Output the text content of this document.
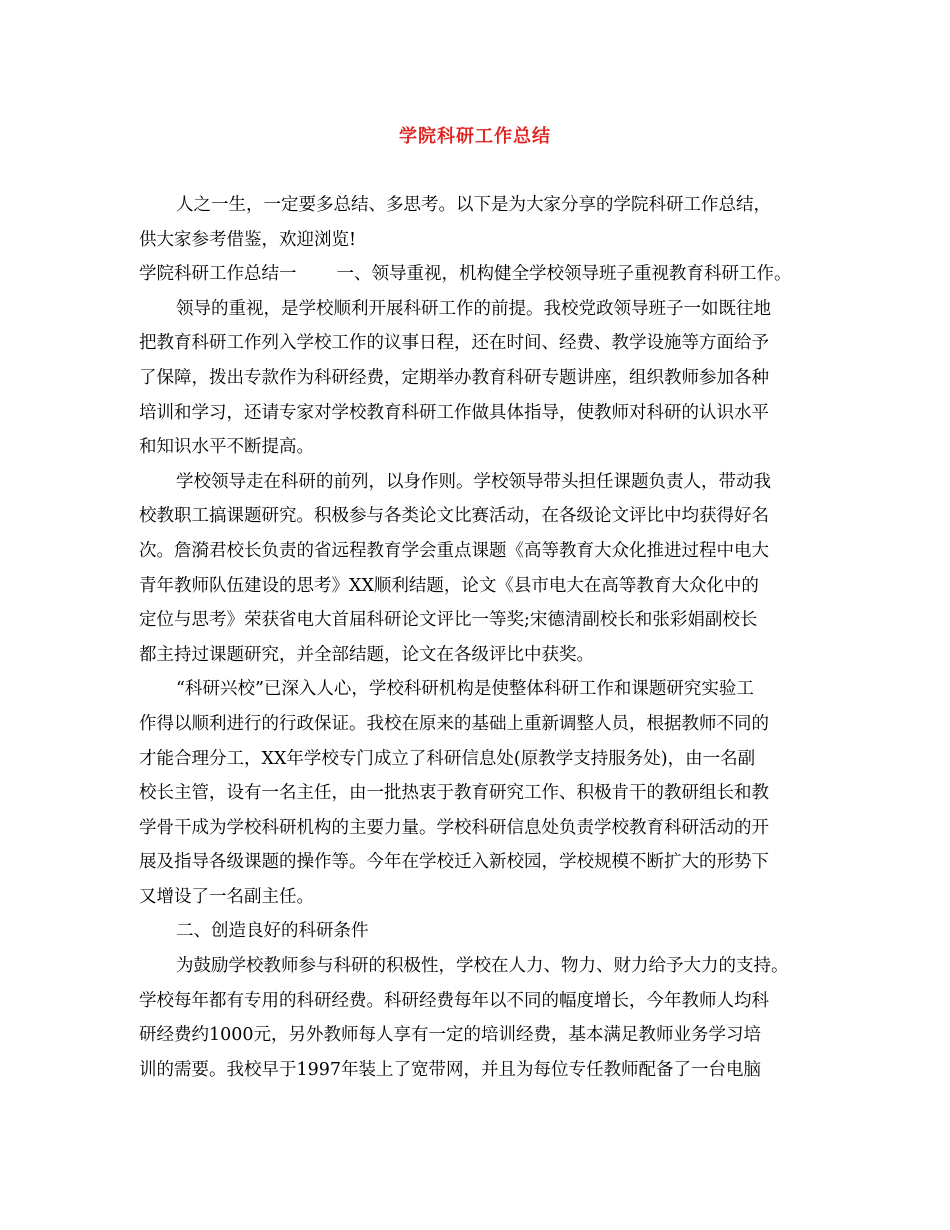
学院科研工作总结
人之一生，一定要多总结、多思考。以下是为大家分享的学院科研工作总结，
供大家参考借鉴，欢迎浏览!
学院科研工作总结一 一、领导重视，机构健全学校领导班子重视教育科研工作。
领导的重视，是学校顺利开展科研工作的前提。我校党政领导班子一如既往地
把教育科研工作列入学校工作的议事日程，还在时间、经费、教学设施等方面给予
了保障，拨出专款作为科研经费，定期举办教育科研专题讲座，组织教师参加各种
培训和学习，还请专家对学校教育科研工作做具体指导，使教师对科研的认识水平
和知识水平不断提高。
学校领导走在科研的前列，以身作则。学校领导带头担任课题负责人，带动我
校教职工搞课题研究。积极参与各类论文比赛活动，在各级论文评比中均获得好名
次。詹漪君校长负责的省远程教育学会重点课题《高等教育大众化推进过程中电大
青年教师队伍建设的思考》XX顺利结题，论文《县市电大在高等教育大众化中的
定位与思考》荣获省电大首届科研论文评比一等奖;宋德清副校长和张彩娟副校长
都主持过课题研究，并全部结题，论文在各级评比中获奖。
“科研兴校”已深入人心，学校科研机构是使整体科研工作和课题研究实验工
作得以顺利进行的行政保证。我校在原来的基础上重新调整人员，根据教师不同的
才能合理分工，XX年学校专门成立了科研信息处(原教学支持服务处)，由一名副
校长主管，设有一名主任，由一批热衷于教育研究工作、积极肯干的教研组长和教
学骨干成为学校科研机构的主要力量。学校科研信息处负责学校教育科研活动的开
展及指导各级课题的操作等。今年在学校迁入新校园，学校规模不断扩大的形势下
又增设了一名副主任。
二、创造良好的科研条件
为鼓励学校教师参与科研的积极性，学校在人力、物力、财力给予大力的支持。
学校每年都有专用的科研经费。科研经费每年以不同的幅度增长，今年教师人均科
研经费约1000元，另外教师每人享有一定的培训经费，基本满足教师业务学习培
训的需要。我校早于1997年装上了宽带网，并且为每位专任教师配备了一台电脑
